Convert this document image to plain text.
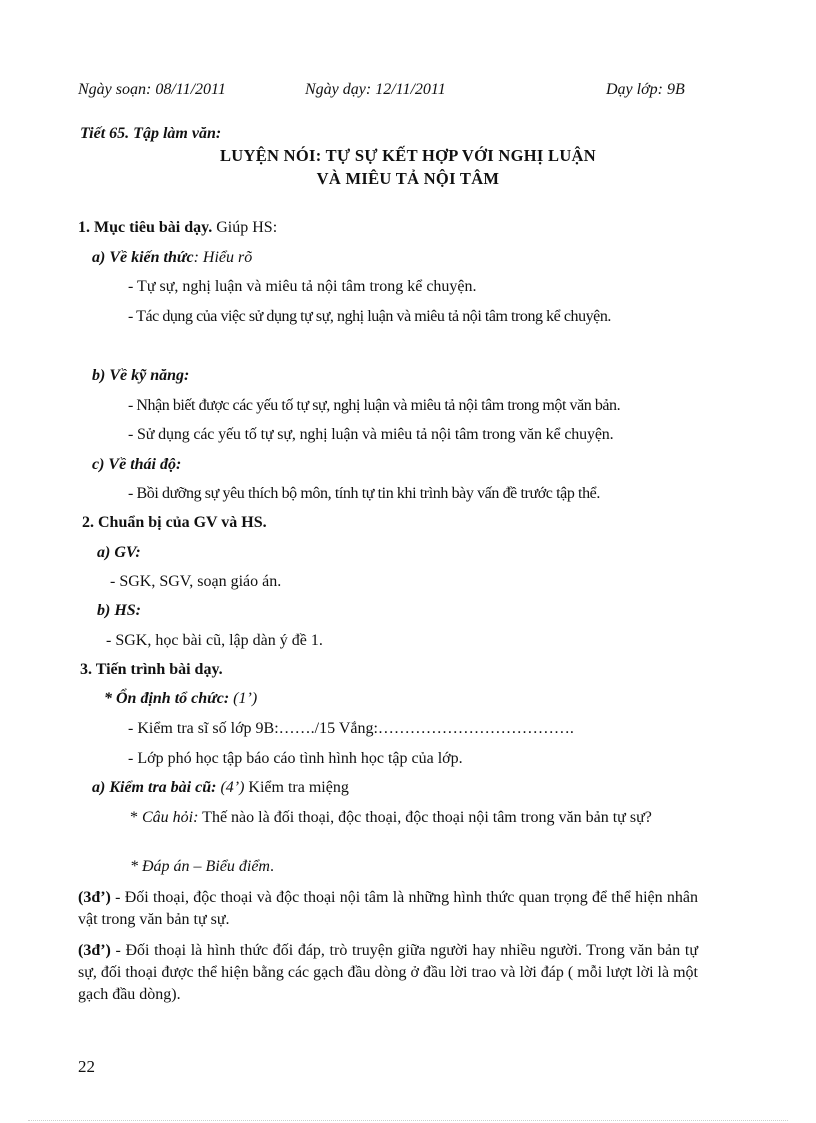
Ngày soạn: 08/11/2011	Ngày dạy: 12/11/2011	Dạy lớp: 9B
Tiết 65. Tập làm văn:
LUYỆN NÓI: TỰ SỰ KẾT HỢP VỚI NGHỊ LUẬN
VÀ MIÊU TẢ NỘI TÂM
1. Mục tiêu bài dạy. Giúp HS:
a) Về kiến thức: Hiểu rõ
- Tự sự, nghị luận và miêu tả nội tâm trong kể chuyện.
- Tác dụng của việc sử dụng tự sự, nghị luận và miêu tả nội tâm trong kể chuyện.
b) Về kỹ năng:
- Nhận biết được các yếu tố tự sự, nghị luận và miêu tả nội tâm trong một văn bản.
- Sử dụng các yếu tố tự sự, nghị luận và miêu tả nội tâm trong văn kể chuyện.
c) Về thái độ:
- Bồi dưỡng sự yêu thích bộ môn, tính tự tin khi trình bày vấn đề trước tập thể.
2. Chuẩn bị của GV và HS.
a) GV:
- SGK, SGV, soạn giáo án.
b) HS:
- SGK, học bài cũ, lập dàn ý đề 1.
3. Tiến trình bài dạy.
* Ổn định tổ chức: (1’)
- Kiểm tra sĩ số lớp 9B:……./15 Vắng:……………………………….
- Lớp phó học tập báo cáo tình hình học tập của lớp.
a) Kiểm tra bài cũ: (4’) Kiểm tra miệng
* Câu hỏi: Thế nào là đối thoại, độc thoại, độc thoại nội tâm trong văn bản tự sự?
* Đáp án – Biểu điểm.
(3đ’) - Đối thoại, độc thoại và độc thoại nội tâm là những hình thức quan trọng để thể hiện nhân vật trong văn bản tự sự.
(3đ’) - Đối thoại là hình thức đối đáp, trò truyện giữa người hay nhiều người. Trong văn bản tự sự, đối thoại được thể hiện bằng các gạch đầu dòng ở đầu lời trao và lời đáp ( mỗi lượt lời là một gạch đầu dòng).
22
